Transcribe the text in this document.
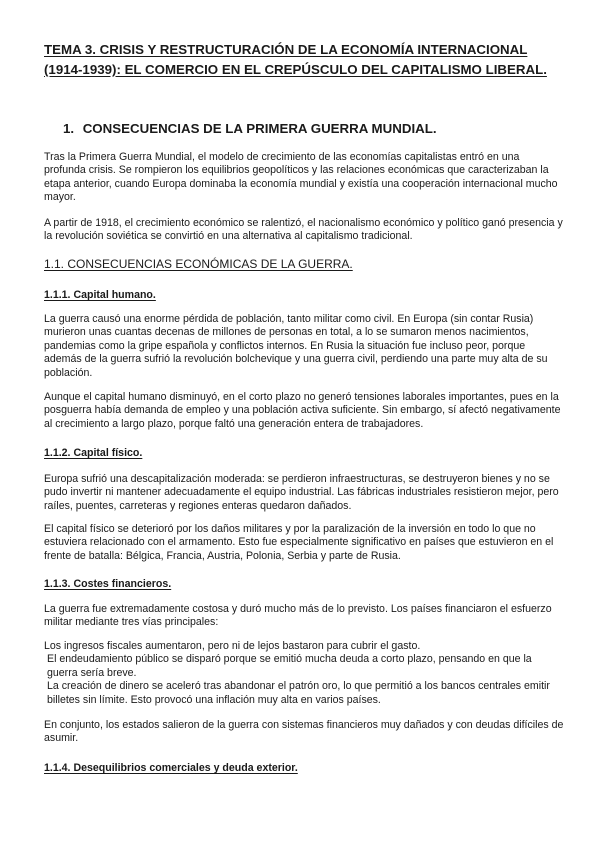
TEMA 3. CRISIS Y RESTRUCTURACIÓN DE LA ECONOMÍA INTERNACIONAL (1914-1939): EL COMERCIO EN EL CREPÚSCULO DEL CAPITALISMO LIBERAL.
1. CONSECUENCIAS DE LA PRIMERA GUERRA MUNDIAL.

Tras la Primera Guerra Mundial, el modelo de crecimiento de las economías capitalistas entró en una profunda crisis. Se rompieron los equilibrios geopolíticos y las relaciones económicas que caracterizaban la etapa anterior, cuando Europa dominaba la economía mundial y existía una cooperación internacional mucho mayor.

A partir de 1918, el crecimiento económico se ralentizó, el nacionalismo económico y político ganó presencia y la revolución soviética se convirtió en una alternativa al capitalismo tradicional.

1.1. CONSECUENCIAS ECONÓMICAS DE LA GUERRA.
1.1.1. Capital humano.

La guerra causó una enorme pérdida de población, tanto militar como civil. En Europa (sin contar Rusia) murieron unas cuantas decenas de millones de personas en total, a lo se sumaron menos nacimientos, pandemias como la gripe española y conflictos internos. En Rusia la situación fue incluso peor, porque además de la guerra sufrió la revolución bolchevique y una guerra civil, perdiendo una parte muy alta de su población.

Aunque el capital humano disminuyó, en el corto plazo no generó tensiones laborales importantes, pues en la posguerra había demanda de empleo y una población activa suficiente. Sin embargo, sí afectó negativamente al crecimiento a largo plazo, porque faltó una generación entera de trabajadores.

1.1.2. Capital físico.

Europa sufrió una descapitalización moderada: se perdieron infraestructuras, se destruyeron bienes y no se pudo invertir ni mantener adecuadamente el equipo industrial. Las fábricas industriales resistieron mejor, pero raíles, puentes, carreteras y regiones enteras quedaron dañados.

El capital físico se deterioró por los daños militares y por la paralización de la inversión en todo lo que no estuviera relacionado con el armamento. Esto fue especialmente significativo en países que estuvieron en el frente de batalla: Bélgica, Francia, Austria, Polonia, Serbia y parte de Rusia.

1.1.3. Costes financieros.

La guerra fue extremadamente costosa y duró mucho más de lo previsto. Los países financiaron el esfuerzo militar mediante tres vías principales:

Los ingresos fiscales aumentaron, pero ni de lejos bastaron para cubrir el gasto.
El endeudamiento público se disparó porque se emitió mucha deuda a corto plazo, pensando en que la guerra sería breve.
La creación de dinero se aceleró tras abandonar el patrón oro, lo que permitió a los bancos centrales emitir billetes sin límite. Esto provocó una inflación muy alta en varios países.

En conjunto, los estados salieron de la guerra con sistemas financieros muy dañados y con deudas difíciles de asumir.

1.1.4. Desequilibrios comerciales y deuda exterior.
